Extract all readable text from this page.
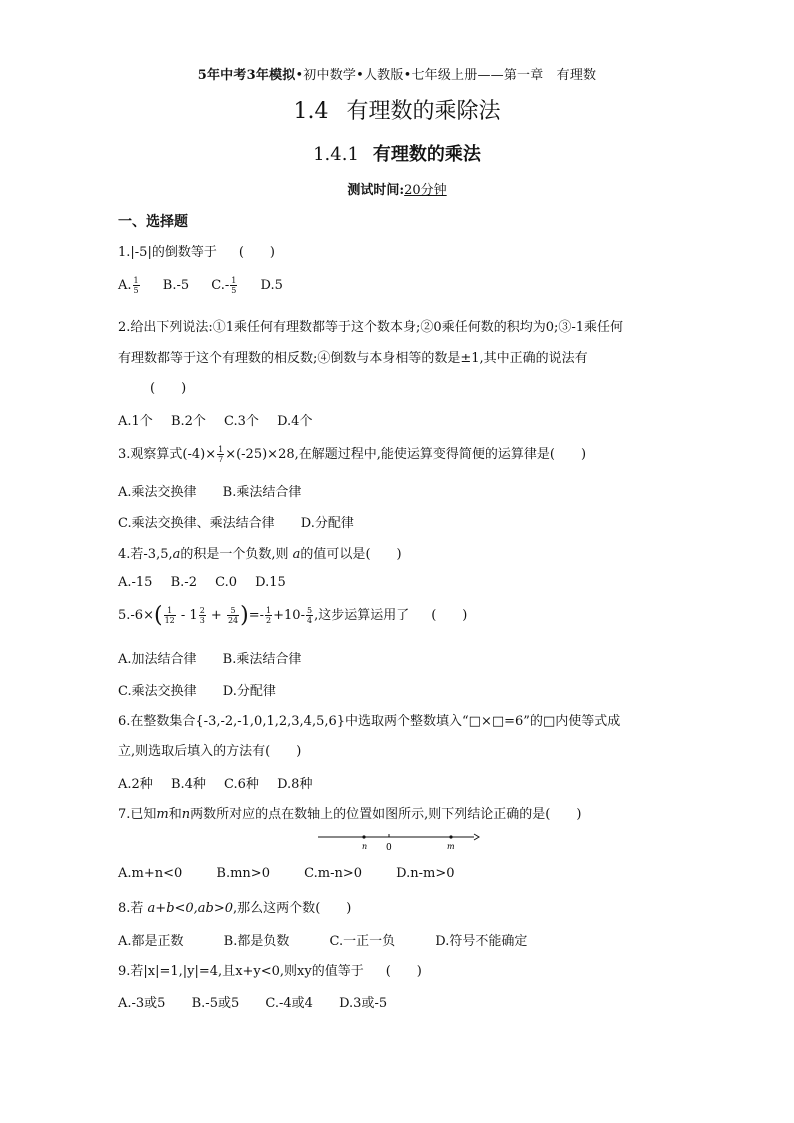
5年中考3年模拟•初中数学•人教版•七年级上册——第一章　有理数
1.4 有理数的乘除法
1.4.1 有理数的乘法
测试时间:20分钟
一、选择题
1.|-5|的倒数等于 (　　)
A. $\frac{1}{5} B.-5$ $C.- \frac{1}{5} D.5$
2.给出下列说法:①1乘任何有理数都等于这个数本身;②0乘任何数的积均为0;③-1乘任何
有理数都等于这个有理数的相反数;④倒数与本身相等的数是±1,其中正确的说法有
(　　)
A.1个 B.2个 C.3个 D.4个
3.观察算式$(-4)\times \frac{1}{7} \times(-25)\times 28$,在解题过程中,能使运算变得简便的运算律是(　　)
A.乘法交换律 B.乘法结合律
C.乘法交换律、乘法结合律 D.分配律
4.若-3,5,a的积是一个负数,则 a的值可以是(　　)
A.-15 B.-2 C.0 D.15
$5.-6\times( \frac{1}{12} - 1 \frac{2}{3} + \frac{5}{24}$ )=- $\frac{1}{2} +10- \frac{5}{4}$ ,这步运算运用了 (　　)
A.加法结合律 B.乘法结合律
C.乘法交换律 D.分配律
6.在整数集合{-3,-2,-1,0,1,2,3,4,5,6}中选取两个整数填入“□×□=6”的□内使等式成
立,则选取后填入的方法有(　　)
A.2种 B.4种 C.6种 D.8种
7.已知m和n两数所对应的点在数轴上的位置如图所示,则下列结论正确的是(　　)
n 0	m
A.m+n<0	B.mn>0	C.m-n>0	D.n-m>0
8.若 a+b<0,ab>0,那么这两个数(　　)
A.都是正数	B.都是负数	C.一正一负	D.符号不能确定
9.若|x|=1,|y|=4,且x+y<0,则xy的值等于 (　　)
A.-3或5 B.-5或5 C.-4或4 D.3或-5
